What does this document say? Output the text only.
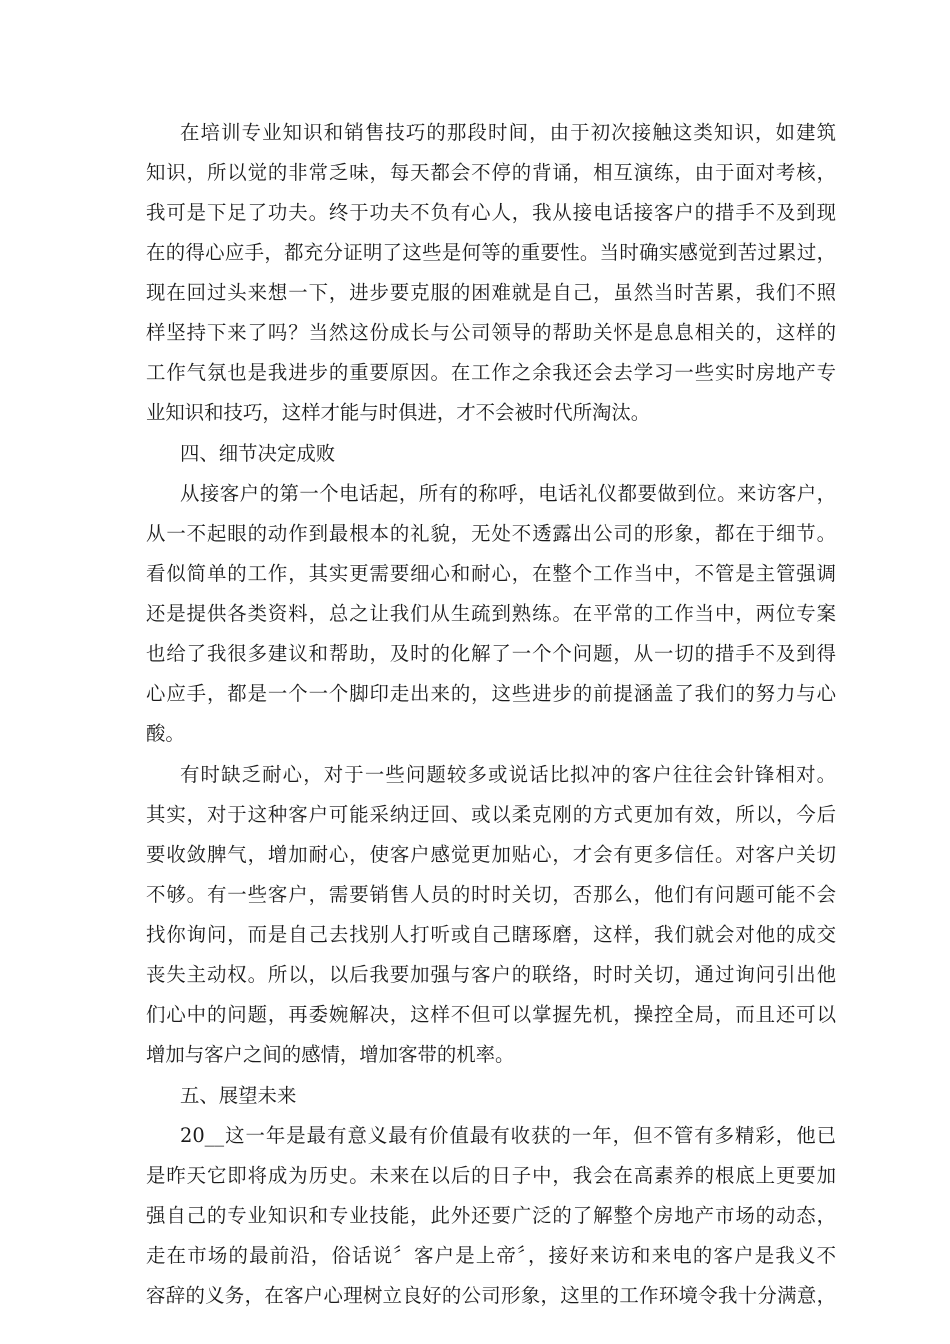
在培训专业知识和销售技巧的那段时间，由于初次接触这类知识，如建筑
知识，所以觉的非常乏味，每天都会不停的背诵，相互演练，由于面对考核，
我可是下足了功夫。终于功夫不负有心人，我从接电话接客户的措手不及到现
在的得心应手，都充分证明了这些是何等的重要性。当时确实感觉到苦过累过，
现在回过头来想一下，进步要克服的困难就是自己，虽然当时苦累，我们不照
样坚持下来了吗？当然这份成长与公司领导的帮助关怀是息息相关的，这样的
工作气氛也是我进步的重要原因。在工作之余我还会去学习一些实时房地产专
业知识和技巧，这样才能与时俱进，才不会被时代所淘汰。
四、细节决定成败
从接客户的第一个电话起，所有的称呼，电话礼仪都要做到位。来访客户，
从一不起眼的动作到最根本的礼貌，无处不透露出公司的形象，都在于细节。
看似简单的工作，其实更需要细心和耐心，在整个工作当中，不管是主管强调
还是提供各类资料，总之让我们从生疏到熟练。在平常的工作当中，两位专案
也给了我很多建议和帮助，及时的化解了一个个问题，从一切的措手不及到得
心应手，都是一个一个脚印走出来的，这些进步的前提涵盖了我们的努力与心
酸。
有时缺乏耐心，对于一些问题较多或说话比拟冲的客户往往会针锋相对。
其实，对于这种客户可能采纳迂回、或以柔克刚的方式更加有效，所以，今后
要收敛脾气，增加耐心，使客户感觉更加贴心，才会有更多信任。对客户关切
不够。有一些客户，需要销售人员的时时关切，否那么，他们有问题可能不会
找你询问，而是自己去找别人打听或自己瞎琢磨，这样，我们就会对他的成交
丧失主动权。所以，以后我要加强与客户的联络，时时关切，通过询问引出他
们心中的问题，再委婉解决，这样不但可以掌握先机，操控全局，而且还可以
增加与客户之间的感情，增加客带的机率。
五、展望未来
20__这一年是最有意义最有价值最有收获的一年，但不管有多精彩，他已
是昨天它即将成为历史。未来在以后的日子中，我会在高素养的根底上更要加
强自己的专业知识和专业技能，此外还要广泛的了解整个房地产市场的动态，
走在市场的最前沿，俗话说〞客户是上帝〞，接好来访和来电的客户是我义不
容辞的义务，在客户心理树立良好的公司形象，这里的工作环境令我十分满意，
